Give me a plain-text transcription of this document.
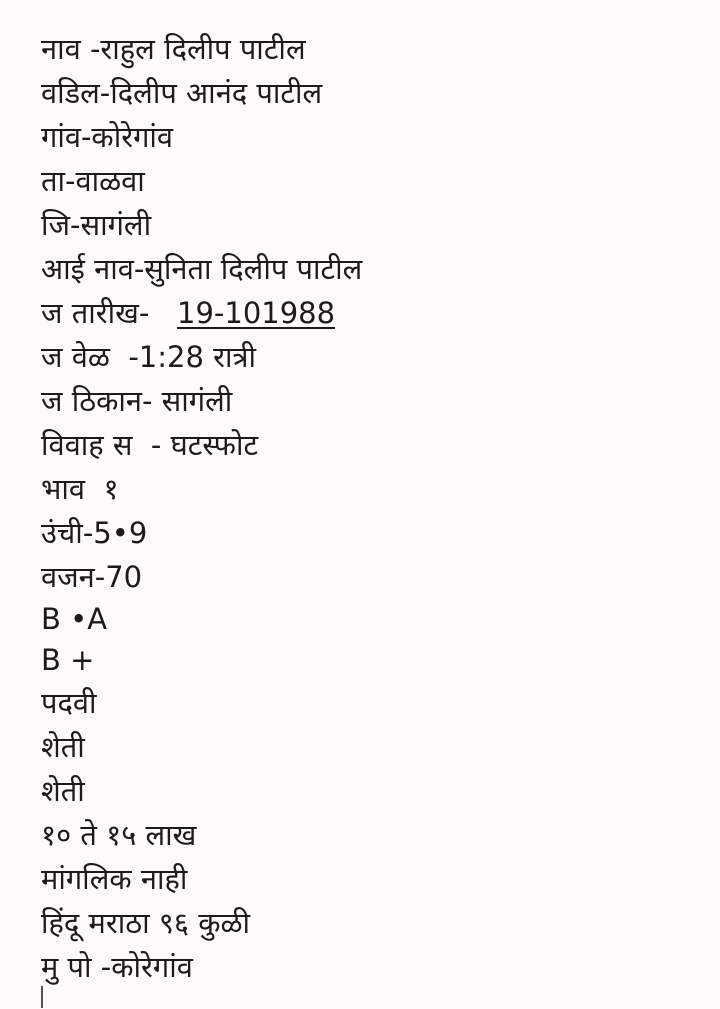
नाव -राहुल दिलीप पाटील
वडिल-दिलीप आनंद पाटील
गांव-कोरेगांव
ता-वाळवा
जि-सागंली
आई नाव-सुनिता दिलीप पाटील
ज तारीख-   19-101988
ज वेळ  -1:28 रात्री
ज ठिकान- सागंली
विवाह स  - घटस्फोट
भाव  १
उंची-5•9
वजन-70
B •A
B +
पदवी
शेती
शेती
१० ते १५ लाख
मांगलिक नाही
हिंदू मराठा ९६ कुळी
मु पो -कोरेगांव
